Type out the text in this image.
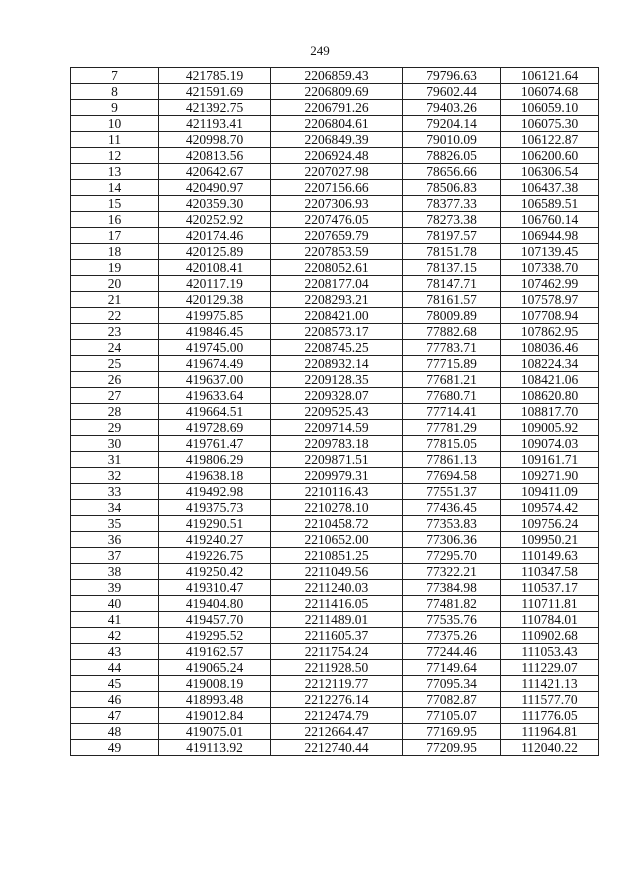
249
7	421785.19	2206859.43	79796.63	106121.64
8	421591.69	2206809.69	79602.44	106074.68
9	421392.75	2206791.26	79403.26	106059.10
10	421193.41	2206804.61	79204.14	106075.30
11	420998.70	2206849.39	79010.09	106122.87
12	420813.56	2206924.48	78826.05	106200.60
13	420642.67	2207027.98	78656.66	106306.54
14	420490.97	2207156.66	78506.83	106437.38
15	420359.30	2207306.93	78377.33	106589.51
16	420252.92	2207476.05	78273.38	106760.14
17	420174.46	2207659.79	78197.57	106944.98
18	420125.89	2207853.59	78151.78	107139.45
19	420108.41	2208052.61	78137.15	107338.70
20	420117.19	2208177.04	78147.71	107462.99
21	420129.38	2208293.21	78161.57	107578.97
22	419975.85	2208421.00	78009.89	107708.94
23	419846.45	2208573.17	77882.68	107862.95
24	419745.00	2208745.25	77783.71	108036.46
25	419674.49	2208932.14	77715.89	108224.34
26	419637.00	2209128.35	77681.21	108421.06
27	419633.64	2209328.07	77680.71	108620.80
28	419664.51	2209525.43	77714.41	108817.70
29	419728.69	2209714.59	77781.29	109005.92
30	419761.47	2209783.18	77815.05	109074.03
31	419806.29	2209871.51	77861.13	109161.71
32	419638.18	2209979.31	77694.58	109271.90
33	419492.98	2210116.43	77551.37	109411.09
34	419375.73	2210278.10	77436.45	109574.42
35	419290.51	2210458.72	77353.83	109756.24
36	419240.27	2210652.00	77306.36	109950.21
37	419226.75	2210851.25	77295.70	110149.63
38	419250.42	2211049.56	77322.21	110347.58
39	419310.47	2211240.03	77384.98	110537.17
40	419404.80	2211416.05	77481.82	110711.81
41	419457.70	2211489.01	77535.76	110784.01
42	419295.52	2211605.37	77375.26	110902.68
43	419162.57	2211754.24	77244.46	111053.43
44	419065.24	2211928.50	77149.64	111229.07
45	419008.19	2212119.77	77095.34	111421.13
46	418993.48	2212276.14	77082.87	111577.70
47	419012.84	2212474.79	77105.07	111776.05
48	419075.01	2212664.47	77169.95	111964.81
49	419113.92	2212740.44	77209.95	112040.22
